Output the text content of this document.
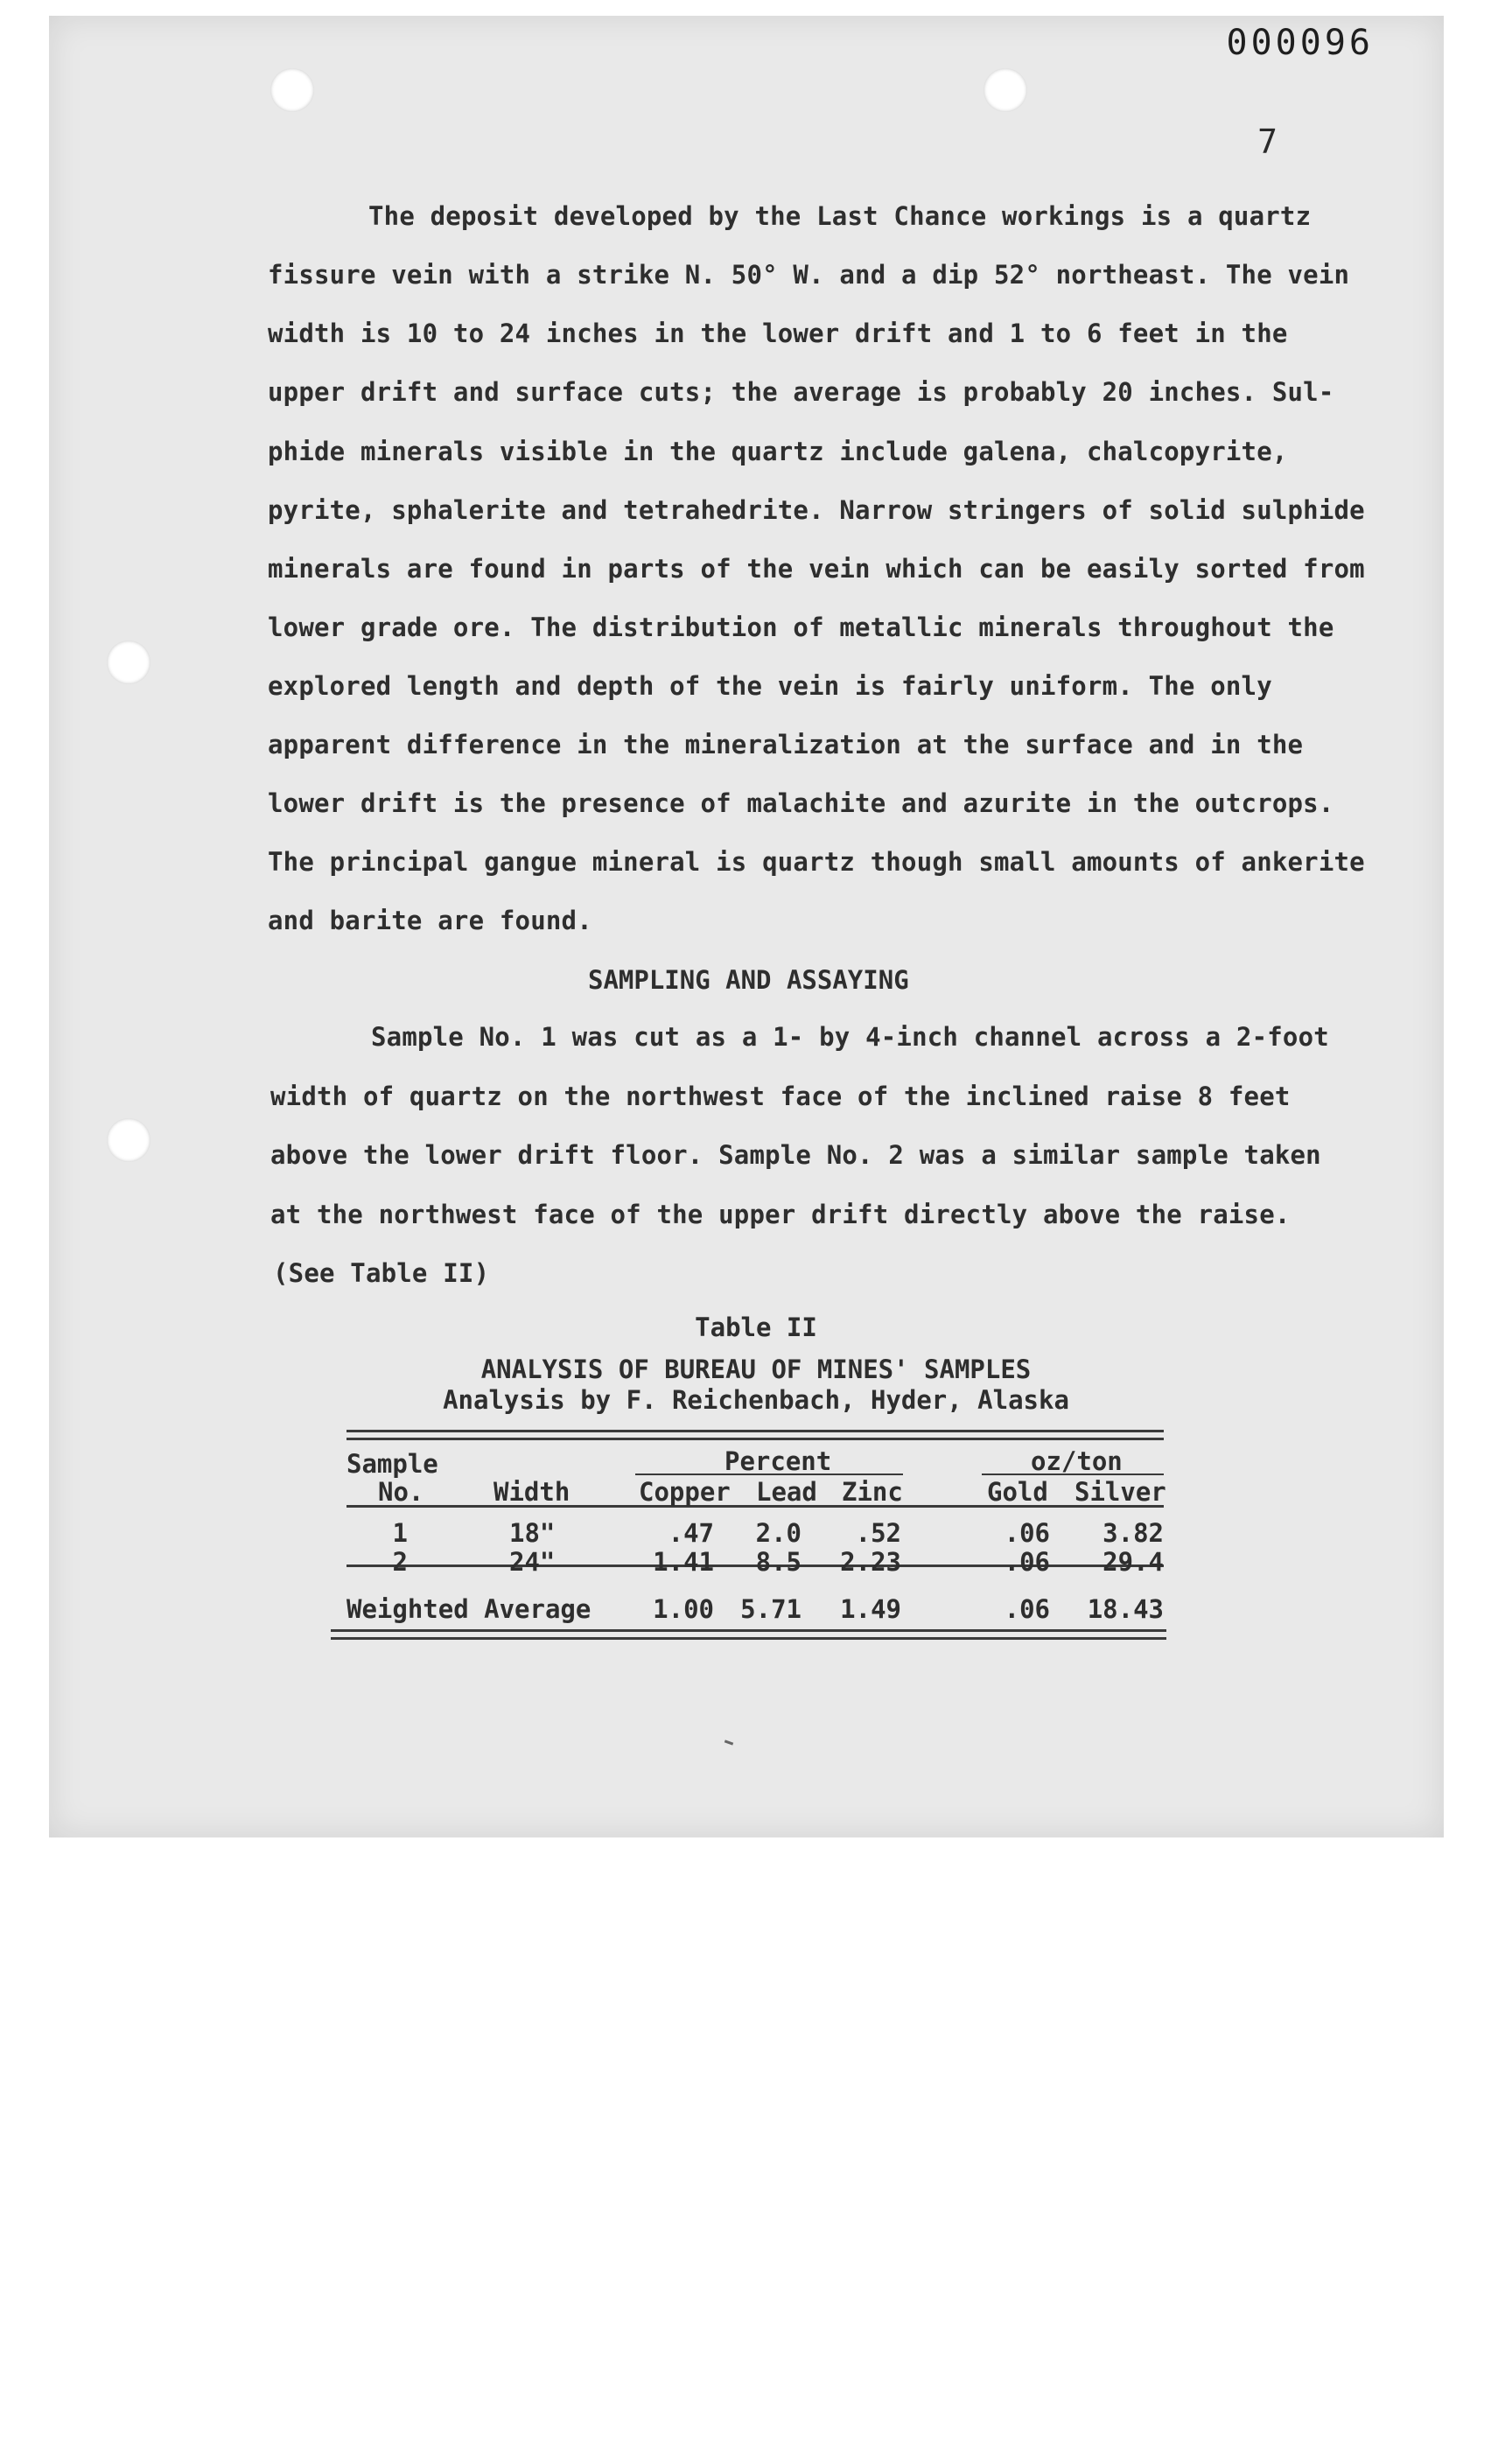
000096
7
The deposit developed by the Last Chance workings is a quartz
fissure vein with a strike N. 50° W. and a dip 52° northeast. The vein
width is 10 to 24 inches in the lower drift and 1 to 6 feet in the
upper drift and surface cuts; the average is probably 20 inches. Sul-
phide minerals visible in the quartz include galena, chalcopyrite,
pyrite, sphalerite and tetrahedrite. Narrow stringers of solid sulphide
minerals are found in parts of the vein which can be easily sorted from
lower grade ore. The distribution of metallic minerals throughout the
explored length and depth of the vein is fairly uniform. The only
apparent difference in the mineralization at the surface and in the
lower drift is the presence of malachite and azurite in the outcrops.
The principal gangue mineral is quartz though small amounts of ankerite
and barite are found.
SAMPLING AND ASSAYING
Sample No. 1 was cut as a 1- by 4-inch channel across a 2-foot
width of quartz on the northwest face of the inclined raise 8 feet
above the lower drift floor. Sample No. 2 was a similar sample taken
at the northwest face of the upper drift directly above the raise.
(See Table II)
Table II
ANALYSIS OF BUREAU OF MINES' SAMPLES
Analysis by F. Reichenbach, Hyder, Alaska
Sample
No.	Width
Percent
Copper Lead Zinc
oz/ton
Gold Silver
1	18"	.47	2.0	.52	.06	3.82
2	24"	1.41	8.5	2.23	.06	29.4
Weighted Average	1.00	5.71	1.49	.06	18.43
